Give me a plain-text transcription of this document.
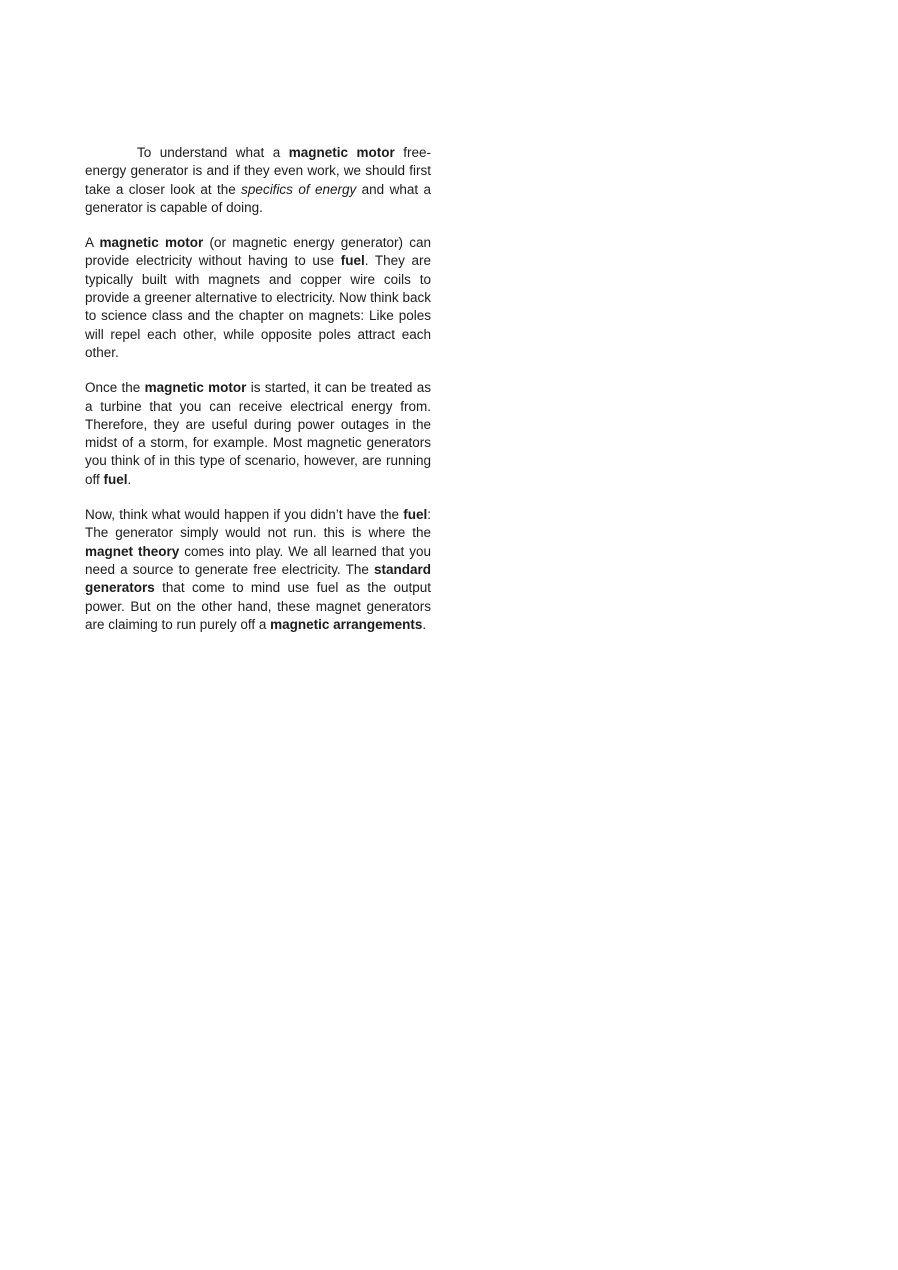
To understand what a magnetic motor free-energy generator is and if they even work, we should first take a closer look at the specifics of energy and what a generator is capable of doing.

A magnetic motor (or magnetic energy generator) can provide electricity without having to use fuel. They are typically built with magnets and copper wire coils to provide a greener alternative to electricity. Now think back to science class and the chapter on magnets: Like poles will repel each other, while opposite poles attract each other.

Once the magnetic motor is started, it can be treated as a turbine that you can receive electrical energy from. Therefore, they are useful during power outages in the midst of a storm, for example. Most magnetic generators you think of in this type of scenario, however, are running off fuel.

Now, think what would happen if you didn’t have the fuel: The generator simply would not run. this is where the magnet theory comes into play. We all learned that you need a source to generate free electricity. The standard generators that come to mind use fuel as the output power. But on the other hand, these magnet generators are claiming to run purely off a magnetic arrangements.
